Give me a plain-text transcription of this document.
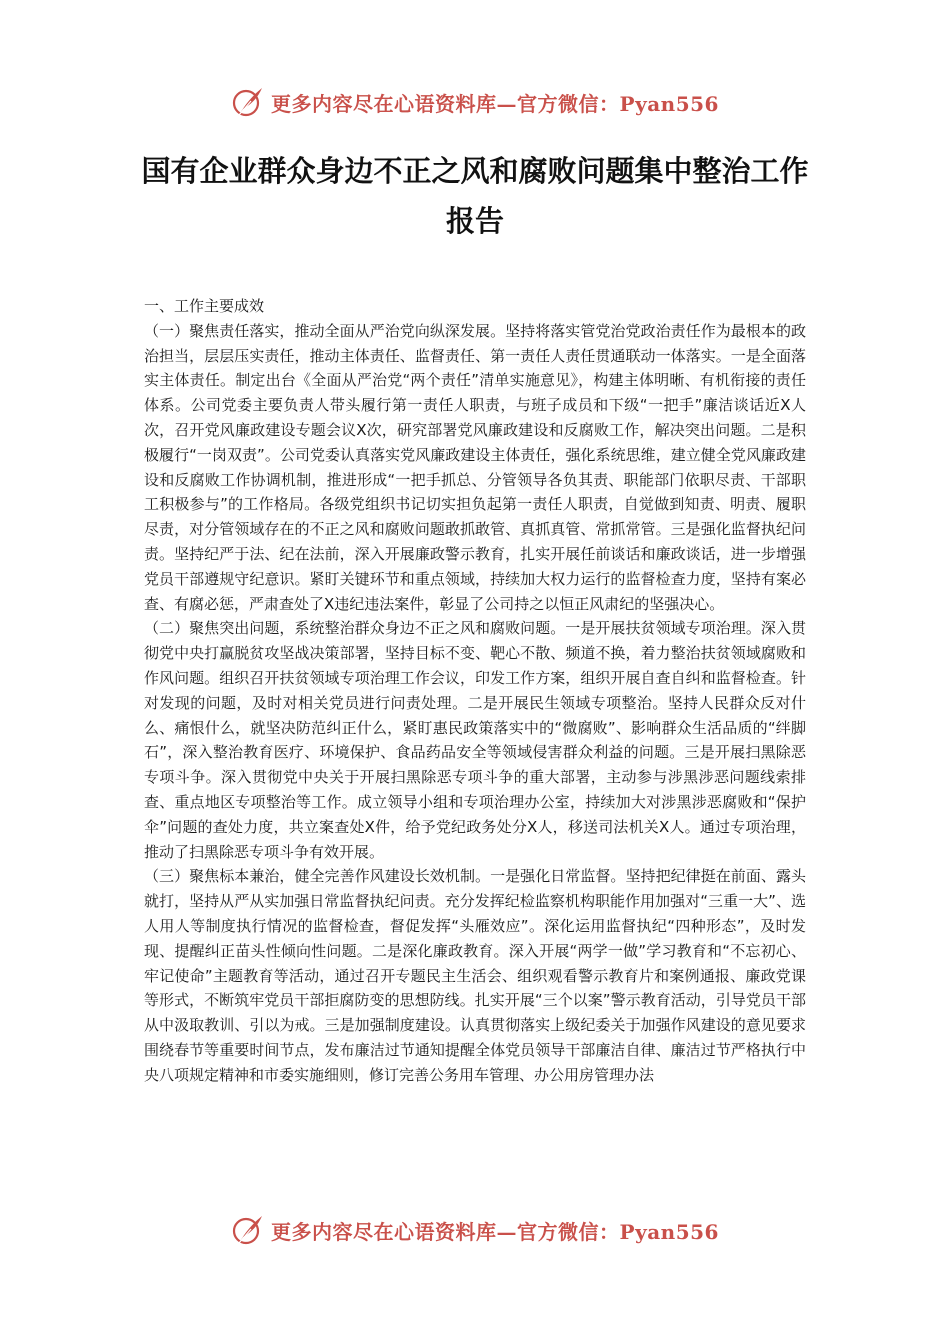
更多内容尽在心语资料库—官方微信：Pyan556
国有企业群众身边不正之风和腐败问题集中整治工作
报告

一、工作主要成效

（一）聚焦责任落实，推动全面从严治党向纵深发展。坚持将落实管党治党政治责任作为最根本的政治担当，层层压实责任，推动主体责任、监督责任、第一责任人责任贯通联动一体落实。一是全面落实主体责任。制定出台《全面从严治党“两个责任”清单实施意见》，构建主体明晰、有机衔接的责任体系。公司党委主要负责人带头履行第一责任人职责，与班子成员和下级“一把手”廉洁谈话近X人次，召开党风廉政建设专题会议X次，研究部署党风廉政建设和反腐败工作，解决突出问题。二是积极履行“一岗双责”。公司党委认真落实党风廉政建设主体责任，强化系统思维，建立健全党风廉政建设和反腐败工作协调机制，推进形成“一把手抓总、分管领导各负其责、职能部门依职尽责、干部职工积极参与”的工作格局。各级党组织书记切实担负起第一责任人职责，自觉做到知责、明责、履职尽责，对分管领域存在的不正之风和腐败问题敢抓敢管、真抓真管、常抓常管。三是强化监督执纪问责。坚持纪严于法、纪在法前，深入开展廉政警示教育，扎实开展任前谈话和廉政谈话，进一步增强党员干部遵规守纪意识。紧盯关键环节和重点领域，持续加大权力运行的监督检查力度，坚持有案必查、有腐必惩，严肃查处了X违纪违法案件，彰显了公司持之以恒正风肃纪的坚强决心。

（二）聚焦突出问题，系统整治群众身边不正之风和腐败问题。一是开展扶贫领域专项治理。深入贯彻党中央打赢脱贫攻坚战决策部署，坚持目标不变、靶心不散、频道不换，着力整治扶贫领域腐败和作风问题。组织召开扶贫领域专项治理工作会议，印发工作方案，组织开展自查自纠和监督检查。针对发现的问题，及时对相关党员进行问责处理。二是开展民生领域专项整治。坚持人民群众反对什么、痛恨什么，就坚决防范纠正什么，紧盯惠民政策落实中的“微腐败”、影响群众生活品质的“绊脚石”，深入整治教育医疗、环境保护、食品药品安全等领域侵害群众利益的问题。三是开展扫黑除恶专项斗争。深入贯彻党中央关于开展扫黑除恶专项斗争的重大部署，主动参与涉黑涉恶问题线索排查、重点地区专项整治等工作。成立领导小组和专项治理办公室，持续加大对涉黑涉恶腐败和“保护伞”问题的查处力度，共立案查处X件，给予党纪政务处分X人，移送司法机关X人。通过专项治理，推动了扫黑除恶专项斗争有效开展。

（三）聚焦标本兼治，健全完善作风建设长效机制。一是强化日常监督。坚持把纪律挺在前面、露头就打，坚持从严从实加强日常监督执纪问责。充分发挥纪检监察机构职能作用加强对“三重一大”、选人用人等制度执行情况的监督检查，督促发挥“头雁效应”。深化运用监督执纪“四种形态”，及时发现、提醒纠正苗头性倾向性问题。二是深化廉政教育。深入开展“两学一做”学习教育和“不忘初心、牢记使命”主题教育等活动，通过召开专题民主生活会、组织观看警示教育片和案例通报、廉政党课等形式，不断筑牢党员干部拒腐防变的思想防线。扎实开展“三个以案”警示教育活动，引导党员干部从中汲取教训、引以为戒。三是加强制度建设。认真贯彻落实上级纪委关于加强作风建设的意见要求围绕春节等重要时间节点，发布廉洁过节通知提醒全体党员领导干部廉洁自律、廉洁过节严格执行中央八项规定精神和市委实施细则，修订完善公务用车管理、办公用房管理办法

更多内容尽在心语资料库—官方微信：Pyan556
